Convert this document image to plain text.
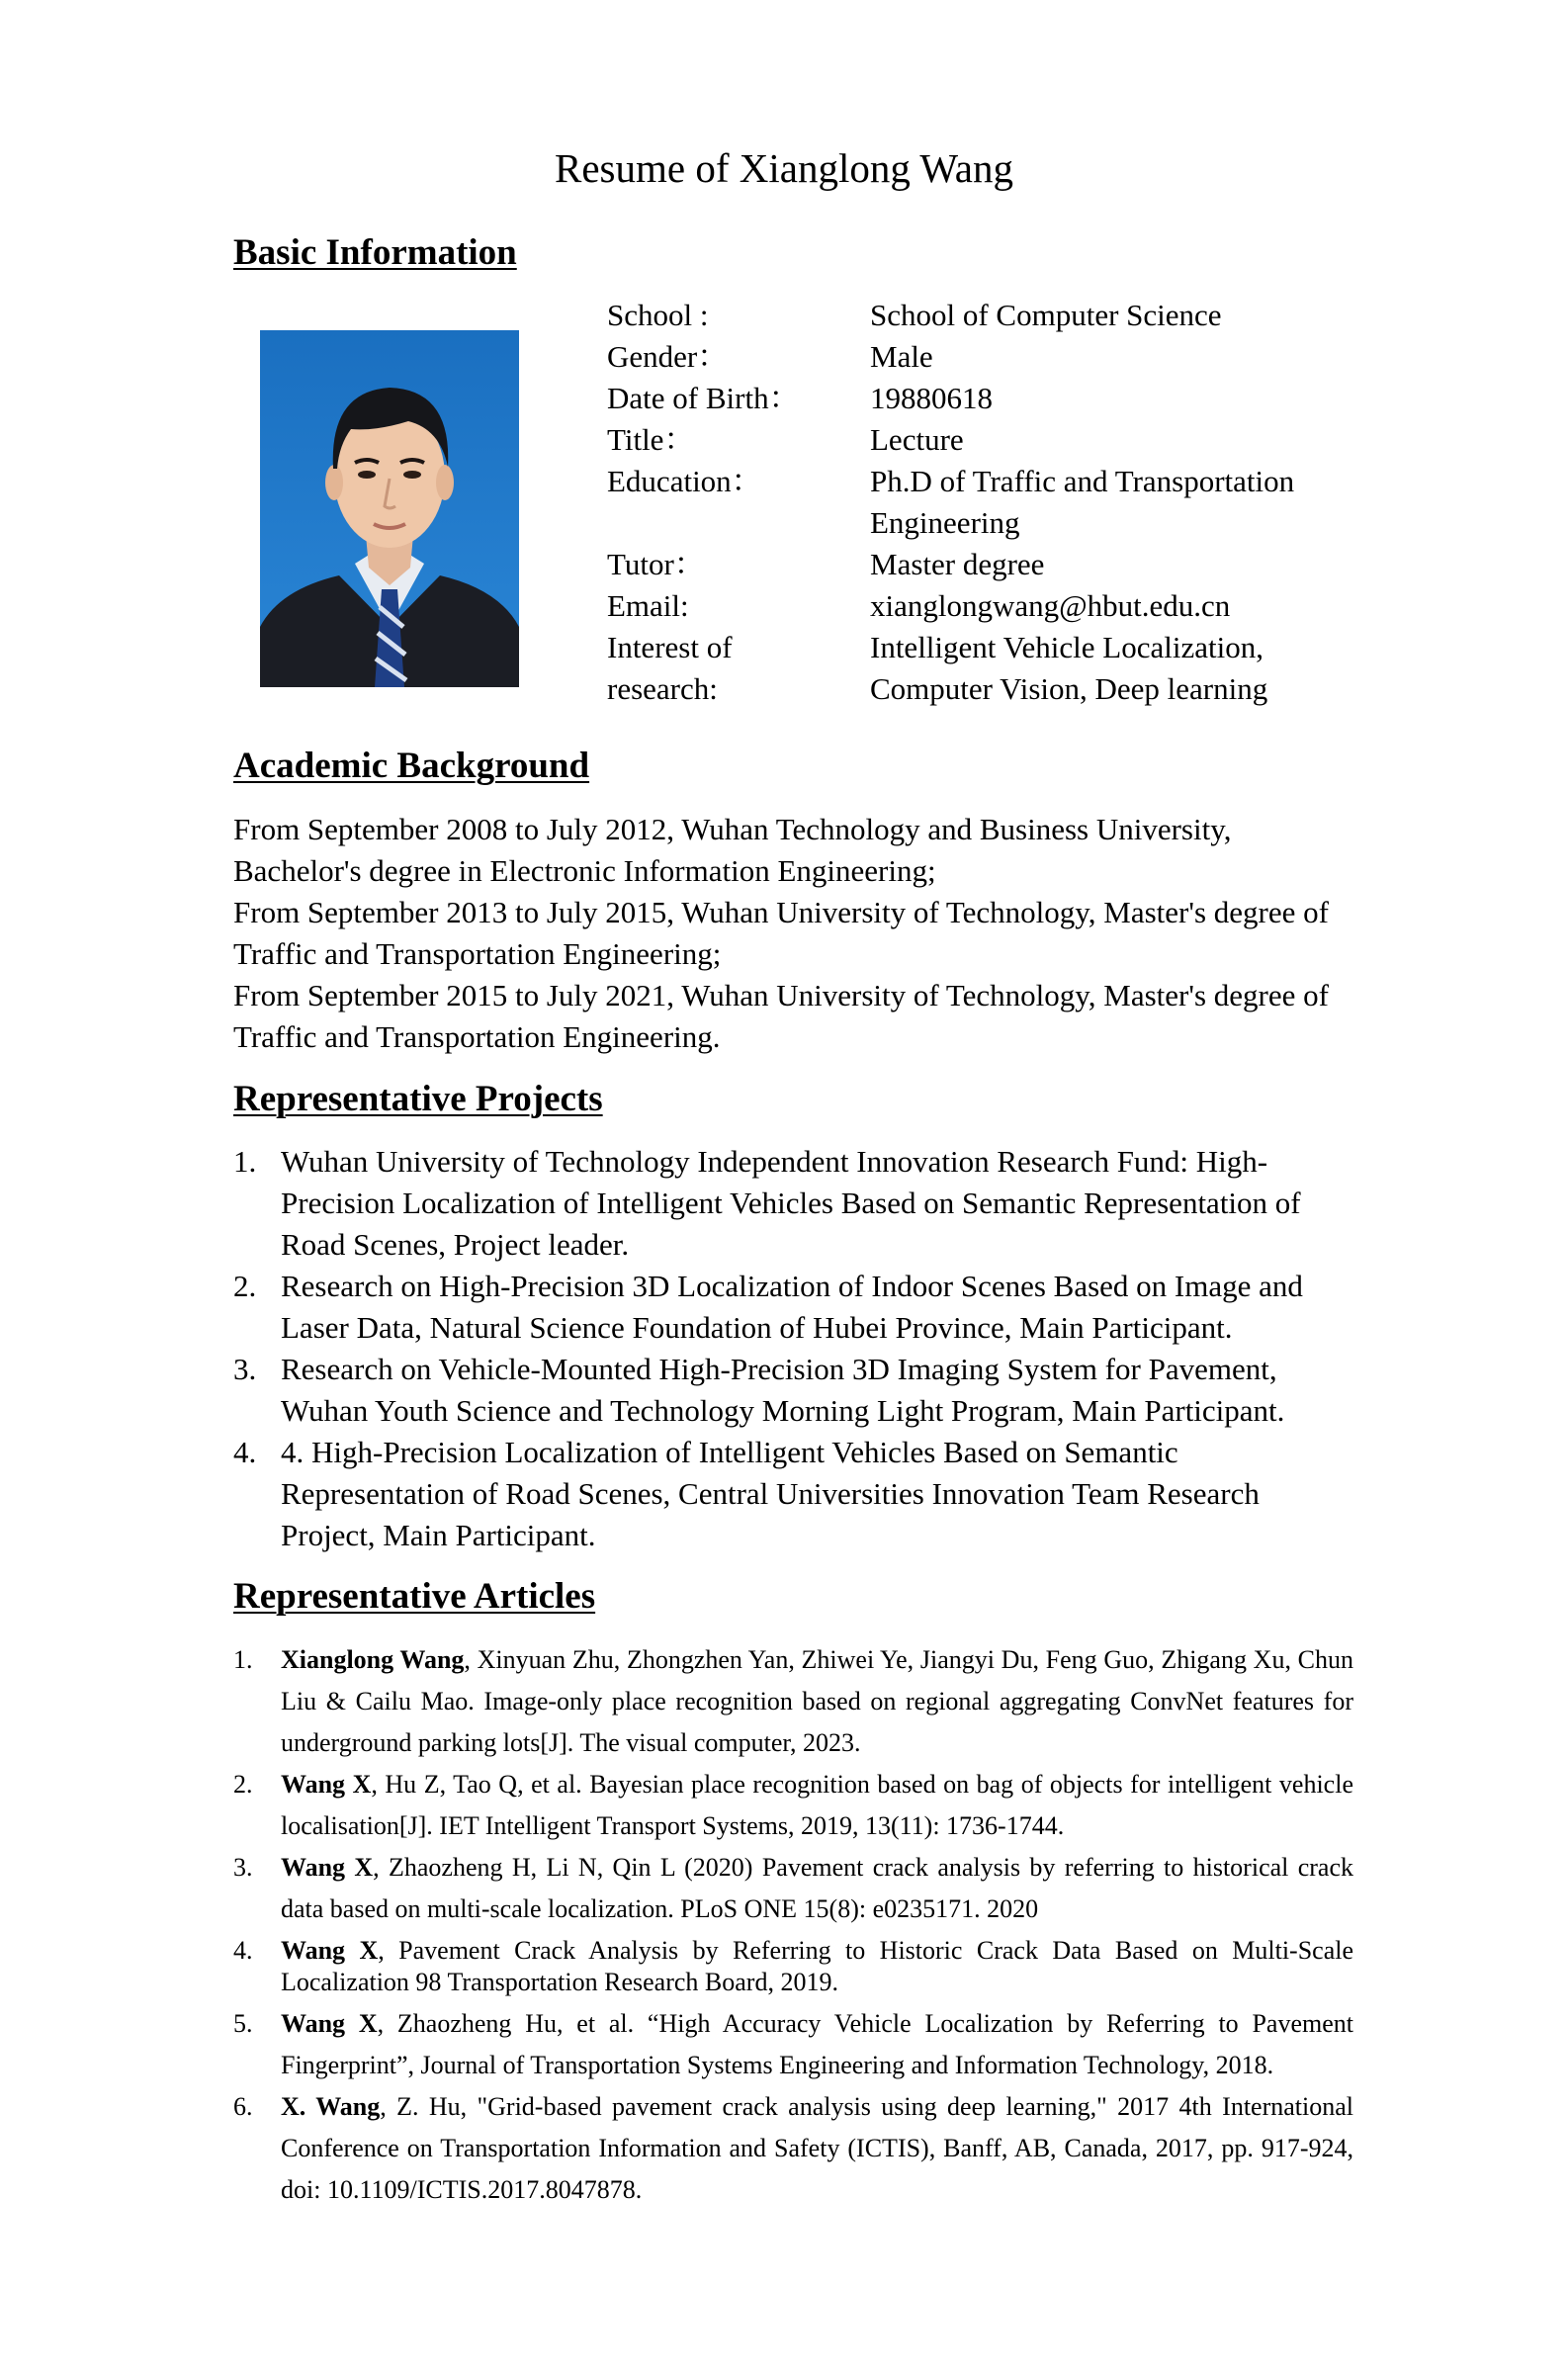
Resume of Xianglong Wang
Basic Information
School :	School of Computer Science
Gender：	Male
Date of Birth：	19880618
Title：	Lecture
Education：	Ph.D of Traffic and Transportation Engineering
Tutor：	Master degree
Email:	xianglongwang@hbut.edu.cn
Interest of research:
Intelligent Vehicle Localization, Computer Vision, Deep learning
Academic Background
From September 2008 to July 2012, Wuhan Technology and Business University, Bachelor's degree in Electronic Information Engineering;
From September 2013 to July 2015, Wuhan University of Technology, Master's degree of Traffic and Transportation Engineering;
From September 2015 to July 2021, Wuhan University of Technology, Master's degree of Traffic and Transportation Engineering.
Representative Projects
1. Wuhan University of Technology Independent Innovation Research Fund: High-Precision Localization of Intelligent Vehicles Based on Semantic Representation of Road Scenes, Project leader.
2. Research on High-Precision 3D Localization of Indoor Scenes Based on Image and Laser Data, Natural Science Foundation of Hubei Province, Main Participant.
3. Research on Vehicle-Mounted High-Precision 3D Imaging System for Pavement, Wuhan Youth Science and Technology Morning Light Program, Main Participant.
4. 4. High-Precision Localization of Intelligent Vehicles Based on Semantic Representation of Road Scenes, Central Universities Innovation Team Research Project, Main Participant.
Representative Articles
1.	Xianglong Wang, Xinyuan Zhu, Zhongzhen Yan, Zhiwei Ye, Jiangyi Du, Feng Guo, Zhigang Xu, Chun Liu & Cailu Mao. Image-only place recognition based on regional aggregating ConvNet features for underground parking lots[J]. The visual computer, 2023.
2.	Wang X, Hu Z, Tao Q, et al. Bayesian place recognition based on bag of objects for intelligent vehicle localisation[J]. IET Intelligent Transport Systems, 2019, 13(11): 1736-1744.
3.	Wang X, Zhaozheng H, Li N, Qin L (2020) Pavement crack analysis by referring to historical crack data based on multi-scale localization. PLoS ONE 15(8): e0235171. 2020
4.	Wang X, Pavement Crack Analysis by Referring to Historic Crack Data Based on Multi-Scale Localization 98 Transportation Research Board, 2019.
5.	Wang X, Zhaozheng Hu, et al. “High Accuracy Vehicle Localization by Referring to Pavement Fingerprint”, Journal of Transportation Systems Engineering and Information Technology, 2018.
6.	X. Wang, Z. Hu, "Grid-based pavement crack analysis using deep learning," 2017 4th International Conference on Transportation Information and Safety (ICTIS), Banff, AB, Canada, 2017, pp. 917-924, doi: 10.1109/ICTIS.2017.8047878.
